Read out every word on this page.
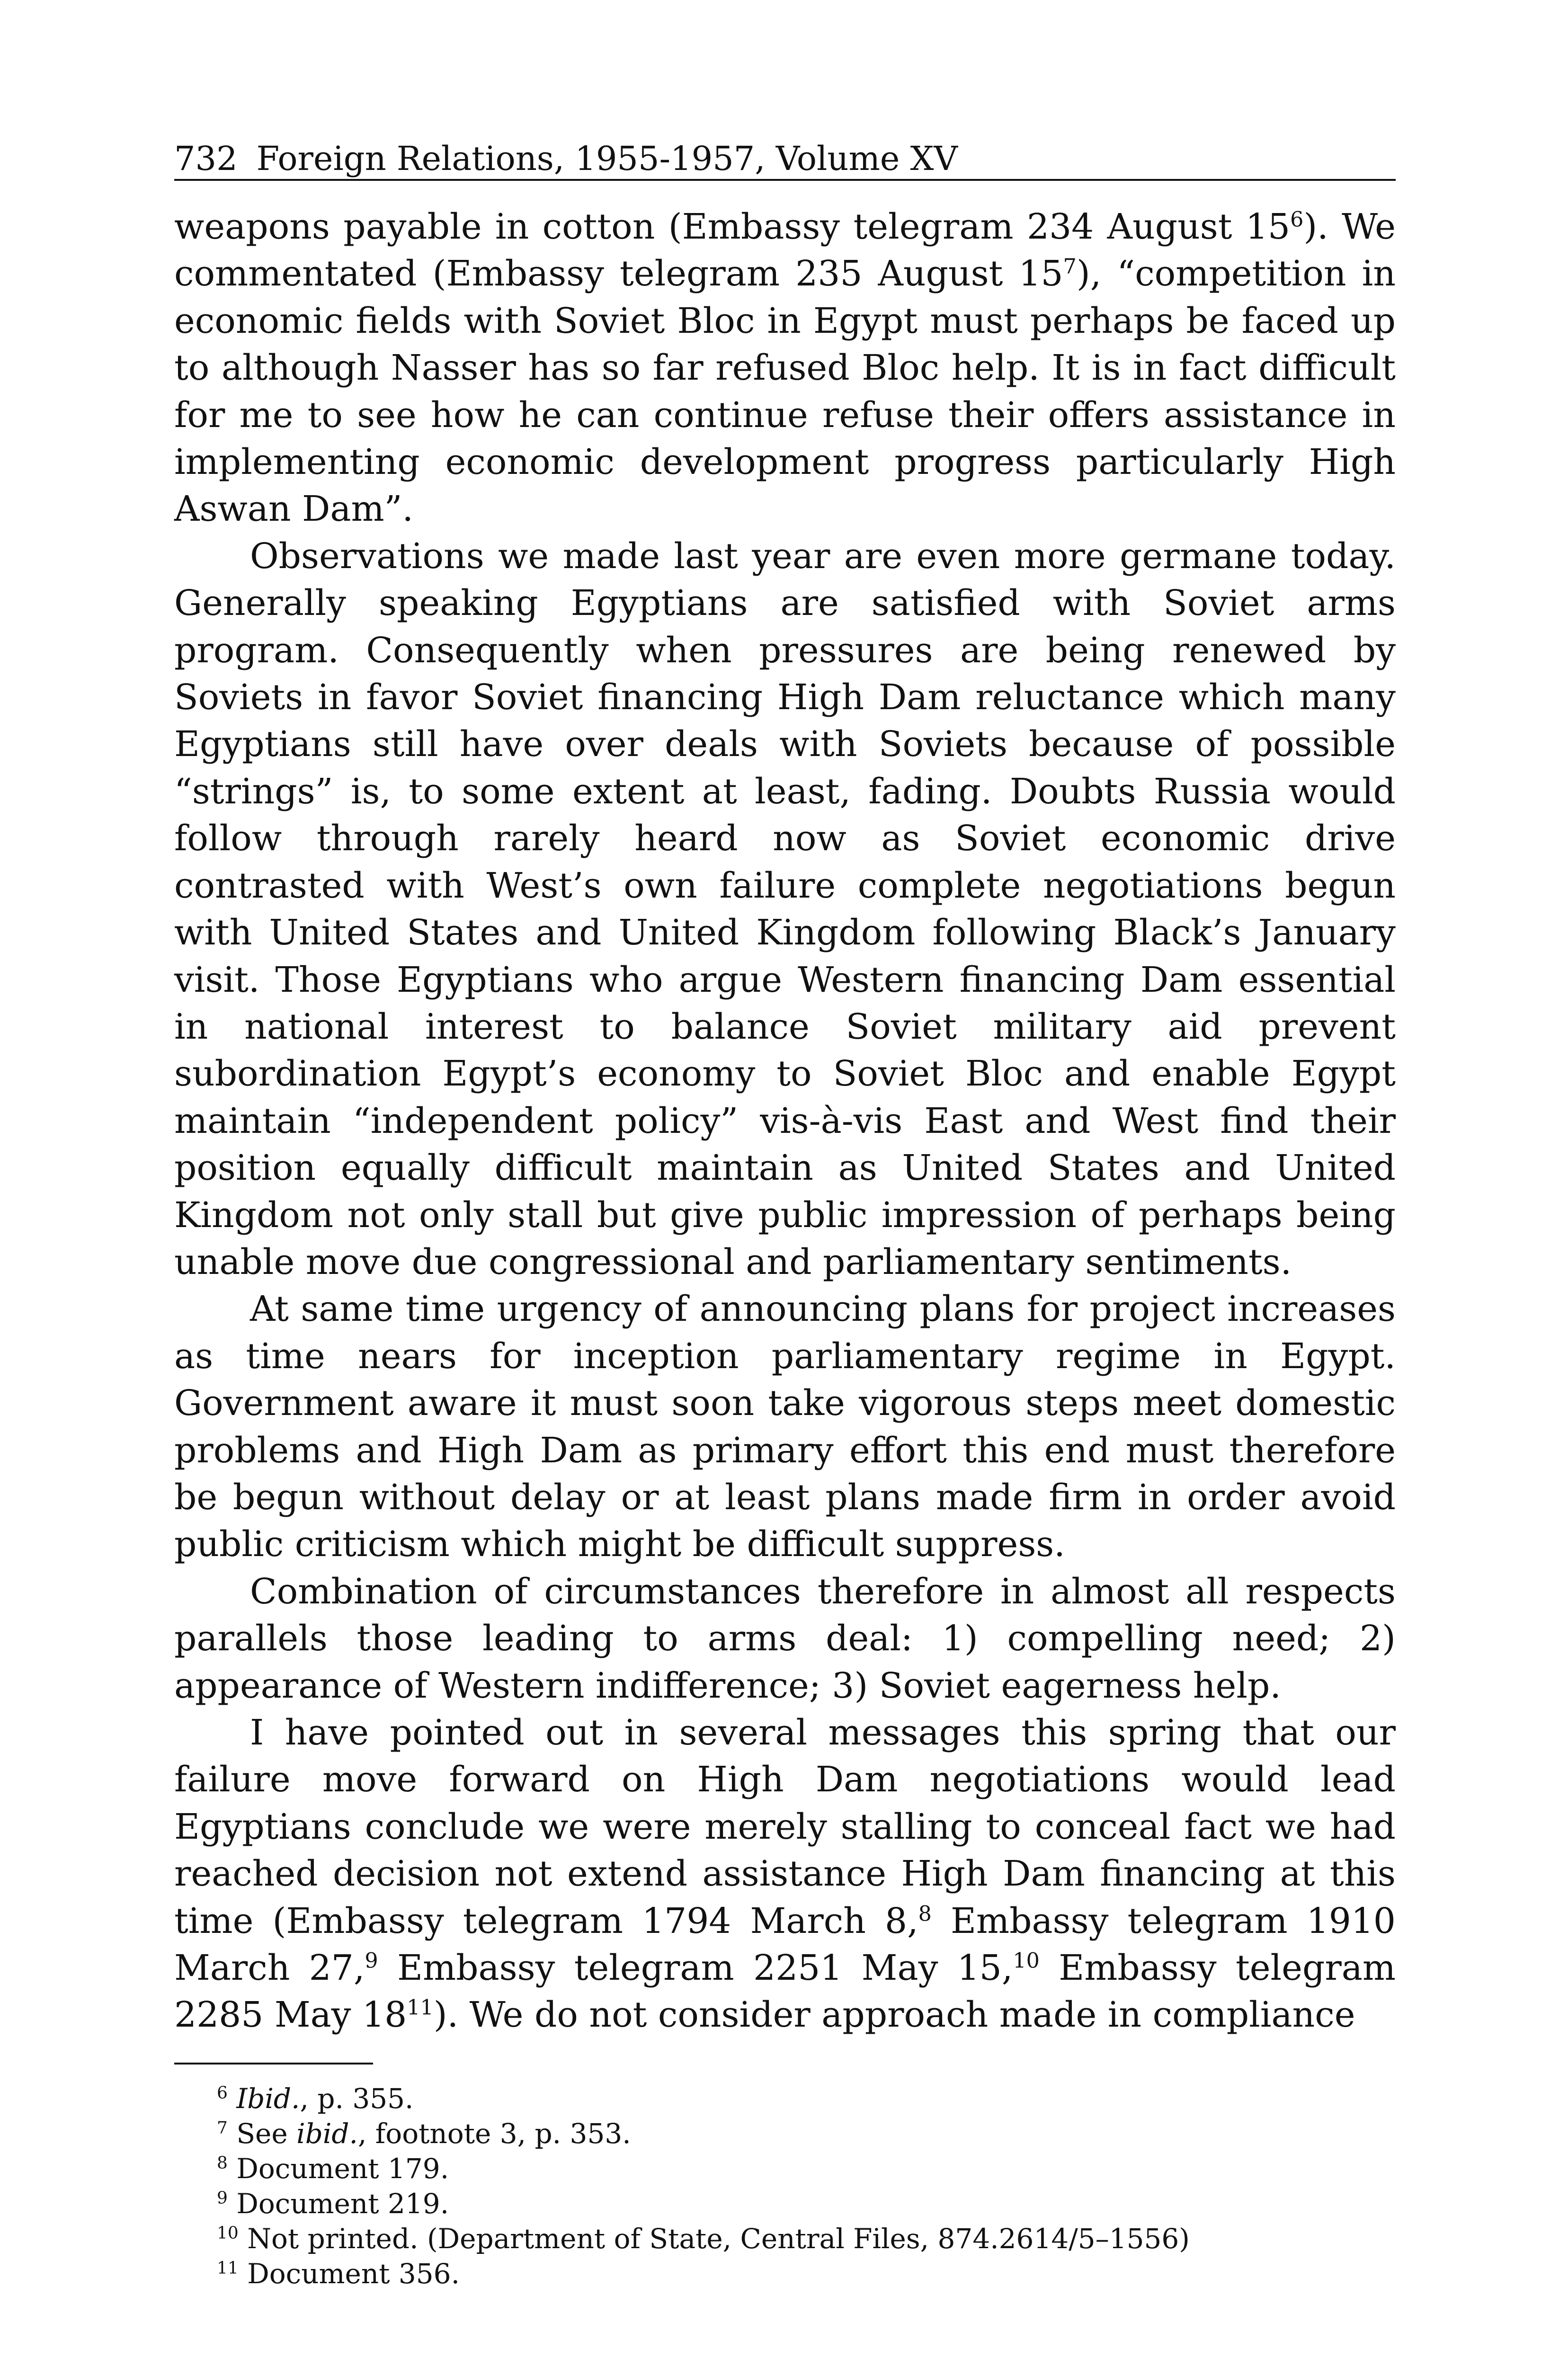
732 Foreign Relations, 1955-1957, Volume XV

weapons payable in cotton (Embassy telegram 234 August $15^6$). We commentated (Embassy telegram 235 August $15^7$), “competition in economic fields with Soviet Bloc in Egypt must perhaps be faced up to although Nasser has so far refused Bloc help. It is in fact difficult for me to see how he can continue refuse their offers assistance in implementing economic development progress particularly High Aswan Dam”.

Observations we made last year are even more germane today. Generally speaking Egyptians are satisfied with Soviet arms program. Consequently when pressures are being renewed by Soviets in favor Soviet financing High Dam reluctance which many Egyptians still have over deals with Soviets because of possible “strings” is, to some extent at least, fading. Doubts Russia would follow through rarely heard now as Soviet economic drive contrasted with West’s own failure complete negotiations begun with United States and United Kingdom following Black’s January visit. Those Egyptians who argue Western financing Dam essential in national interest to balance Soviet military aid prevent subordination Egypt’s economy to Soviet Bloc and enable Egypt maintain “independent policy” vis-à-vis East and West find their position equally difficult maintain as United States and United Kingdom not only stall but give public impression of perhaps being unable move due congressional and parliamentary sentiments.

At same time urgency of announcing plans for project increases as time nears for inception parliamentary regime in Egypt. Government aware it must soon take vigorous steps meet domestic problems and High Dam as primary effort this end must therefore be begun without delay or at least plans made firm in order avoid public criticism which might be difficult suppress.

Combination of circumstances therefore in almost all respects parallels those leading to arms deal: 1) compelling need; 2) appearance of Western indifference; 3) Soviet eagerness help.

I have pointed out in several messages this spring that our failure move forward on High Dam negotiations would lead Egyptians conclude we were merely stalling to conceal fact we had reached decision not extend assistance High Dam financing at this time (Embassy telegram 1794 March 8,$^8$ Embassy telegram 1910 March 27,$^9$ Embassy telegram 2251 May 15,10 Embassy telegram 2285 May $18^{11}$). We do not consider approach made in compliance

$^6$ Ibid., p. 355.
$^7$ See ibid., footnote 3, p. 353.
$^8$ Document 179.
$^9$ Document 219.
$^{10}$ Not printed. (Department of State, Central Files, 874.2614/5–1556)
$^{11}$ Document 356.
